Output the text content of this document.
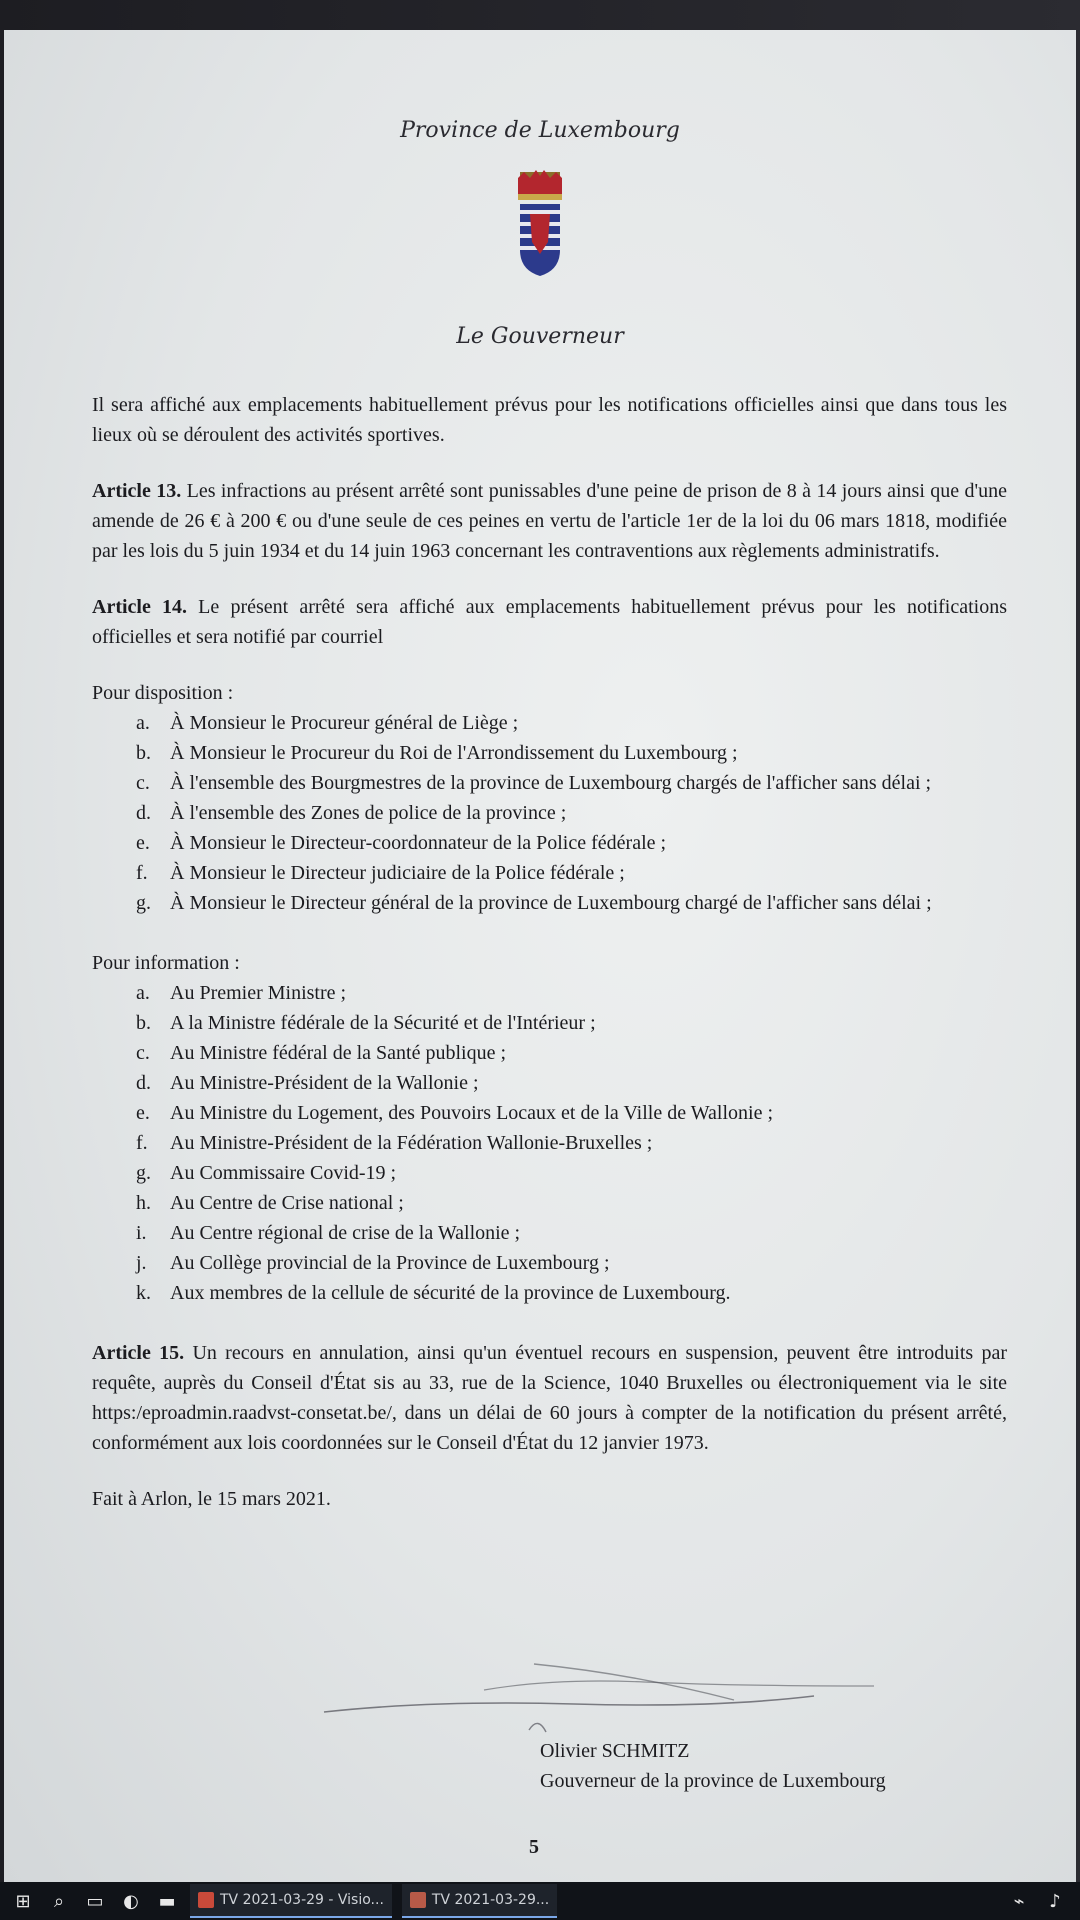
Province de Luxembourg
Le Gouverneur

Il sera affiché aux emplacements habituellement prévus pour les notifications officielles ainsi que dans tous les lieux où se déroulent des activités sportives.

Article 13. Les infractions au présent arrêté sont punissables d'une peine de prison de 8 à 14 jours ainsi que d'une amende de 26 € à 200 € ou d'une seule de ces peines en vertu de l'article 1er de la loi du 06 mars 1818, modifiée par les lois du 5 juin 1934 et du 14 juin 1963 concernant les contraventions aux règlements administratifs.

Article 14. Le présent arrêté sera affiché aux emplacements habituellement prévus pour les notifications officielles et sera notifié par courriel

Pour disposition :

a.	À Monsieur le Procureur général de Liège ;
b. À Monsieur le Procureur du Roi de l'Arrondissement du Luxembourg ;
c.	À l'ensemble des Bourgmestres de la province de Luxembourg chargés de l'afficher sans délai ;
d. À l'ensemble des Zones de police de la province ;
e.	À Monsieur le Directeur-coordonnateur de la Police fédérale ;
f.	À Monsieur le Directeur judiciaire de la Police fédérale ;
g. À Monsieur le Directeur général de la province de Luxembourg chargé de l'afficher sans délai ;

Pour information :

a.	Au Premier Ministre ;
b. A la Ministre fédérale de la Sécurité et de l'Intérieur ;
c.	Au Ministre fédéral de la Santé publique ;
d. Au Ministre-Président de la Wallonie ;
e.	Au Ministre du Logement, des Pouvoirs Locaux et de la Ville de Wallonie ;
f.	Au Ministre-Président de la Fédération Wallonie-Bruxelles ;
g. Au Commissaire Covid-19 ;
h. Au Centre de Crise national ;
i.	Au Centre régional de crise de la Wallonie ;
j.	Au Collège provincial de la Province de Luxembourg ;
k. Aux membres de la cellule de sécurité de la province de Luxembourg.

Article 15. Un recours en annulation, ainsi qu'un éventuel recours en suspension, peuvent être introduits par requête, auprès du Conseil d'État sis au 33, rue de la Science, 1040 Bruxelles ou électroniquement via le site https:/eproadmin.raadvst-consetat.be/, dans un délai de 60 jours à compter de la notification du présent arrêté, conformément aux lois coordonnées sur le Conseil d'État du 12 janvier 1973.

Fait à Arlon, le 15 mars 2021.

Olivier SCHMITZ
Gouverneur de la province de Luxembourg
5
⊞	⌕	▭ ◐ ▬	TV 2021-03-29 - Visio...	TV 2021-03-29...	⌁	♪
